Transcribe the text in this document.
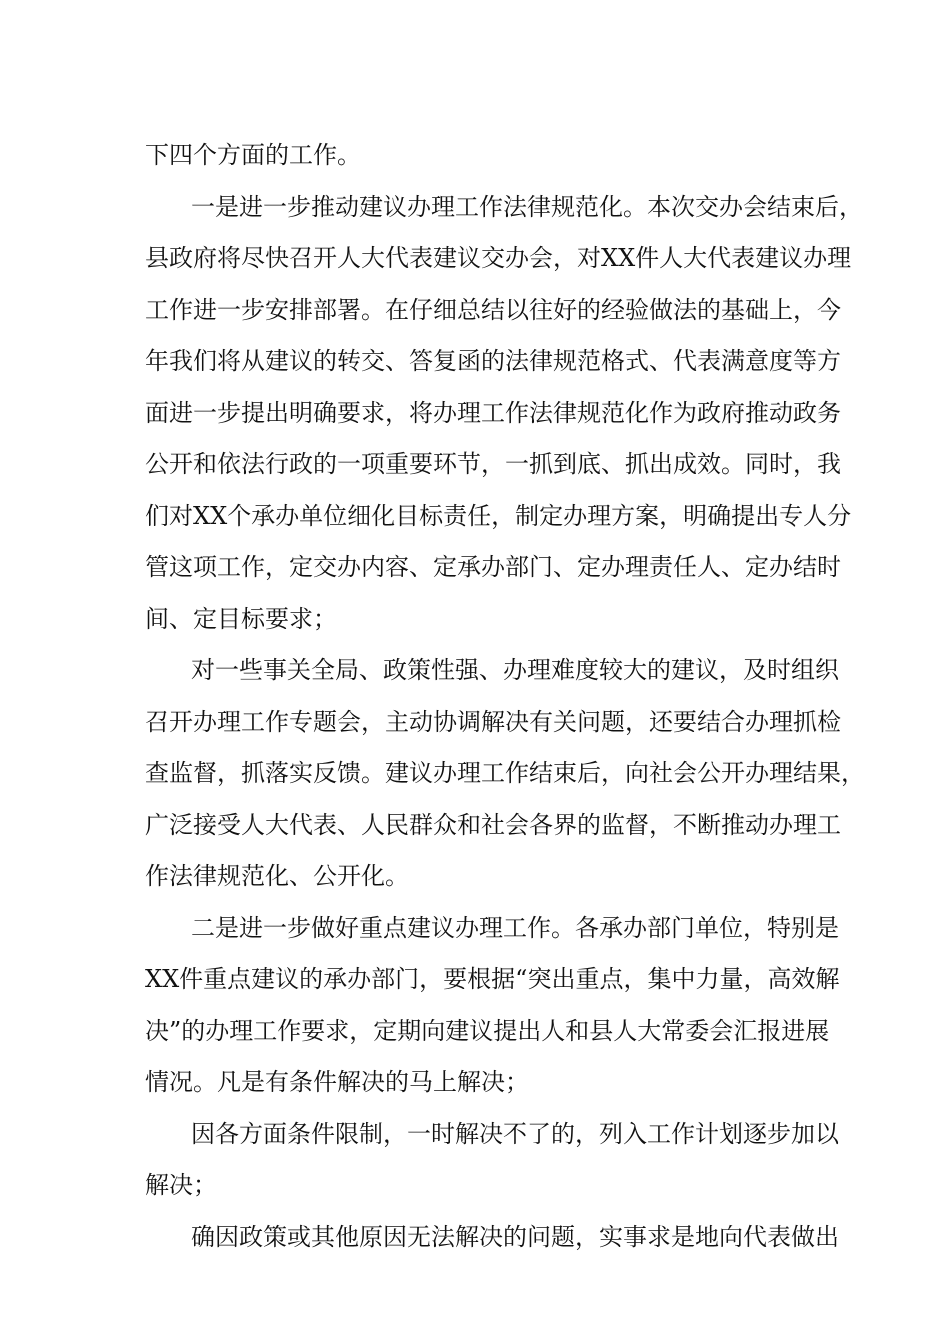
下四个方面的工作。
一是进一步推动建议办理工作法律规范化。本次交办会结束后，
县政府将尽快召开人大代表建议交办会，对XX件人大代表建议办理
工作进一步安排部署。在仔细总结以往好的经验做法的基础上，今
年我们将从建议的转交、答复函的法律规范格式、代表满意度等方
面进一步提出明确要求，将办理工作法律规范化作为政府推动政务
公开和依法行政的一项重要环节，一抓到底、抓出成效。同时，我
们对XX个承办单位细化目标责任，制定办理方案，明确提出专人分
管这项工作，定交办内容、定承办部门、定办理责任人、定办结时
间、定目标要求；
对一些事关全局、政策性强、办理难度较大的建议，及时组织
召开办理工作专题会，主动协调解决有关问题，还要结合办理抓检
查监督，抓落实反馈。建议办理工作结束后，向社会公开办理结果，
广泛接受人大代表、人民群众和社会各界的监督，不断推动办理工
作法律规范化、公开化。
二是进一步做好重点建议办理工作。各承办部门单位，特别是
XX件重点建议的承办部门，要根据“突出重点，集中力量，高效解
决”的办理工作要求，定期向建议提出人和县人大常委会汇报进展
情况。凡是有条件解决的马上解决；
因各方面条件限制，一时解决不了的，列入工作计划逐步加以
解决；
确因政策或其他原因无法解决的问题，实事求是地向代表做出
